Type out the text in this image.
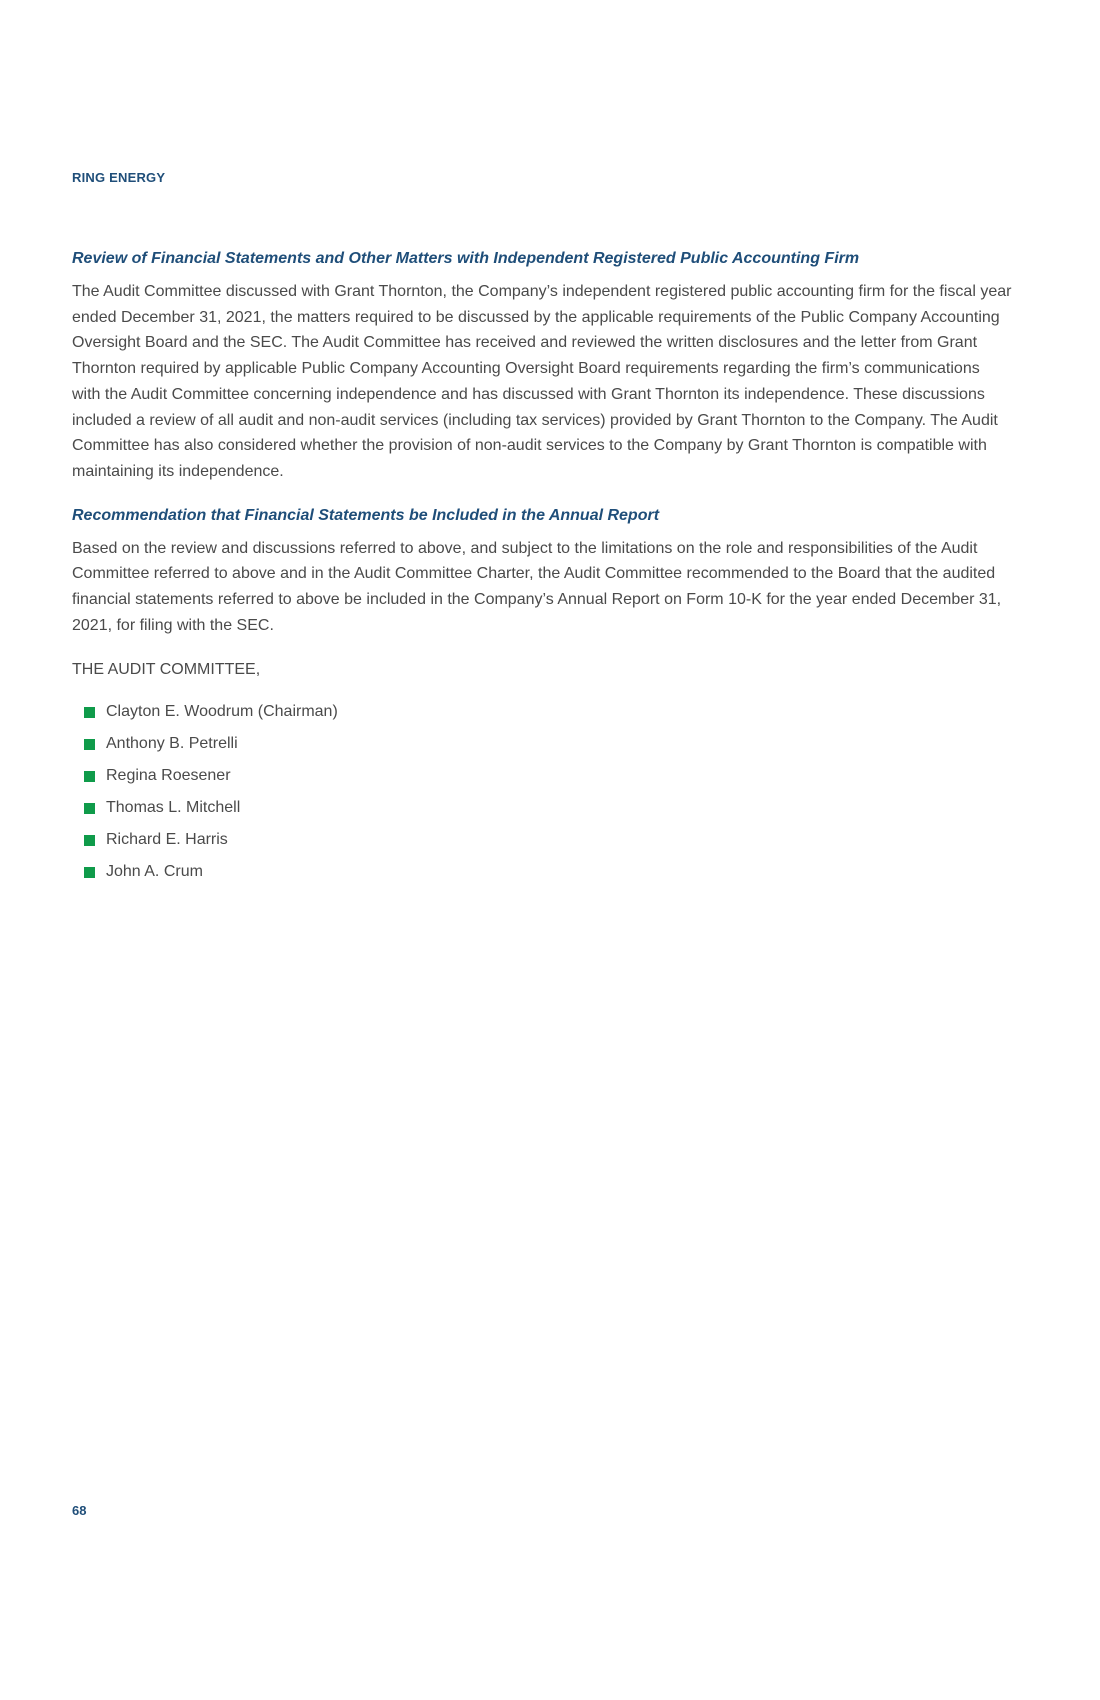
RING ENERGY
Review of Financial Statements and Other Matters with Independent Registered Public Accounting Firm

The Audit Committee discussed with Grant Thornton, the Company’s independent registered public accounting firm for the fiscal year ended December 31, 2021, the matters required to be discussed by the applicable requirements of the Public Company Accounting Oversight Board and the SEC. The Audit Committee has received and reviewed the written disclosures and the letter from Grant Thornton required by applicable Public Company Accounting Oversight Board requirements regarding the firm’s communications with the Audit Committee concerning independence and has discussed with Grant Thornton its independence. These discussions included a review of all audit and non-audit services (including tax services) provided by Grant Thornton to the Company. The Audit Committee has also considered whether the provision of non-audit services to the Company by Grant Thornton is compatible with maintaining its independence.

Recommendation that Financial Statements be Included in the Annual Report

Based on the review and discussions referred to above, and subject to the limitations on the role and responsibilities of the Audit Committee referred to above and in the Audit Committee Charter, the Audit Committee recommended to the Board that the audited financial statements referred to above be included in the Company’s Annual Report on Form 10-K for the year ended December 31, 2021, for filing with the SEC.

THE AUDIT COMMITTEE,

Clayton E. Woodrum (Chairman)
Anthony B. Petrelli
Regina Roesener
Thomas L. Mitchell
Richard E. Harris
John A. Crum
68
